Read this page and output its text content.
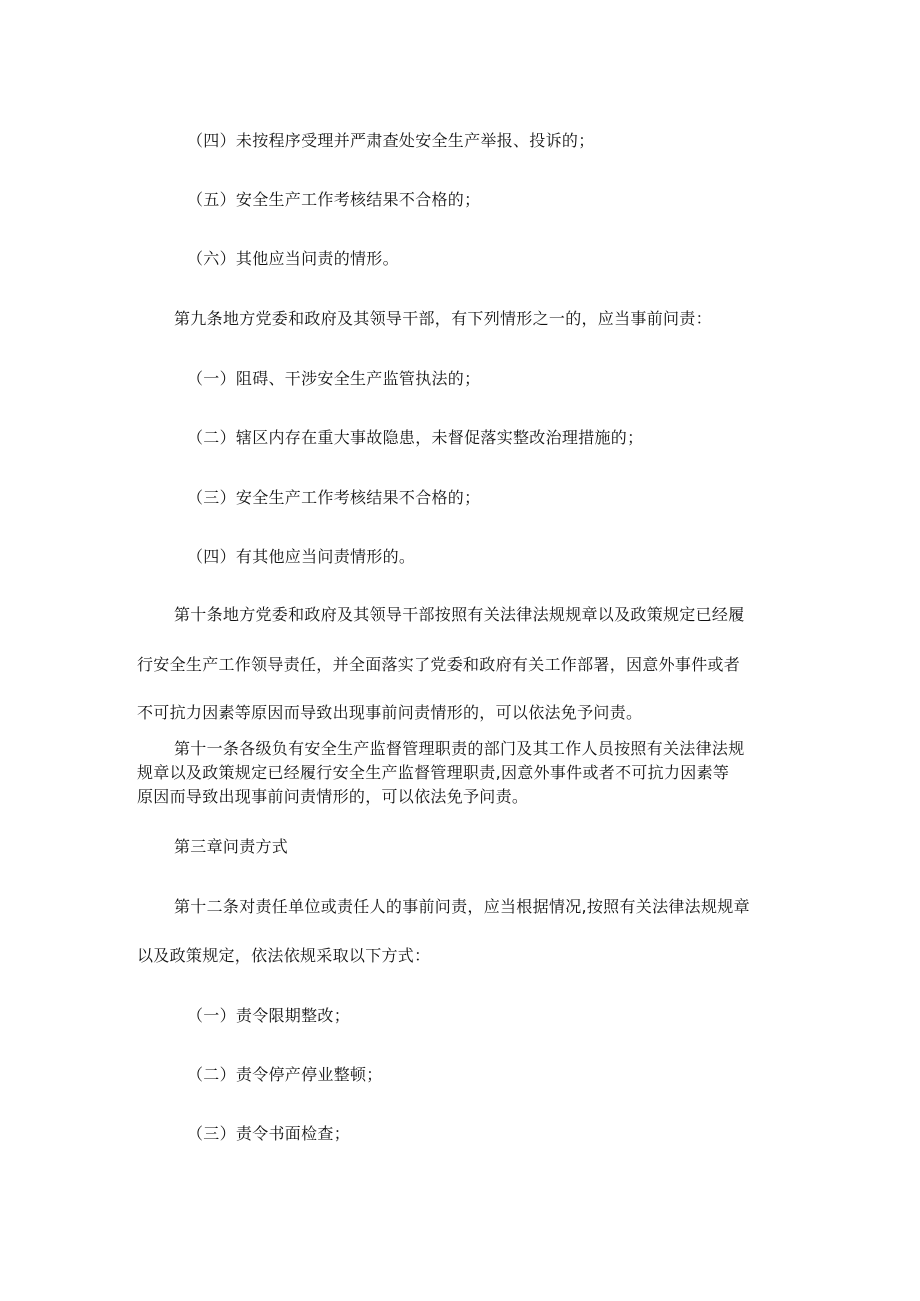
（四）未按程序受理并严肃查处安全生产举报、投诉的；
（五）安全生产工作考核结果不合格的；
（六）其他应当问责的情形。
第九条地方党委和政府及其领导干部，有下列情形之一的，应当事前问责：
（一）阻碍、干涉安全生产监管执法的；
（二）辖区内存在重大事故隐患，未督促落实整改治理措施的；
（三）安全生产工作考核结果不合格的；
（四）有其他应当问责情形的。
第十条地方党委和政府及其领导干部按照有关法律法规规章以及政策规定已经履
行安全生产工作领导责任，并全面落实了党委和政府有关工作部署，因意外事件或者
不可抗力因素等原因而导致出现事前问责情形的，可以依法免予问责。
第十一条各级负有安全生产监督管理职责的部门及其工作人员按照有关法律法规
规章以及政策规定已经履行安全生产监督管理职责,因意外事件或者不可抗力因素等
原因而导致出现事前问责情形的，可以依法免予问责。
第三章问责方式
第十二条对责任单位或责任人的事前问责，应当根据情况,按照有关法律法规规章
以及政策规定，依法依规采取以下方式：
（一）责令限期整改；
（二）责令停产停业整顿；
（三）责令书面检查；
